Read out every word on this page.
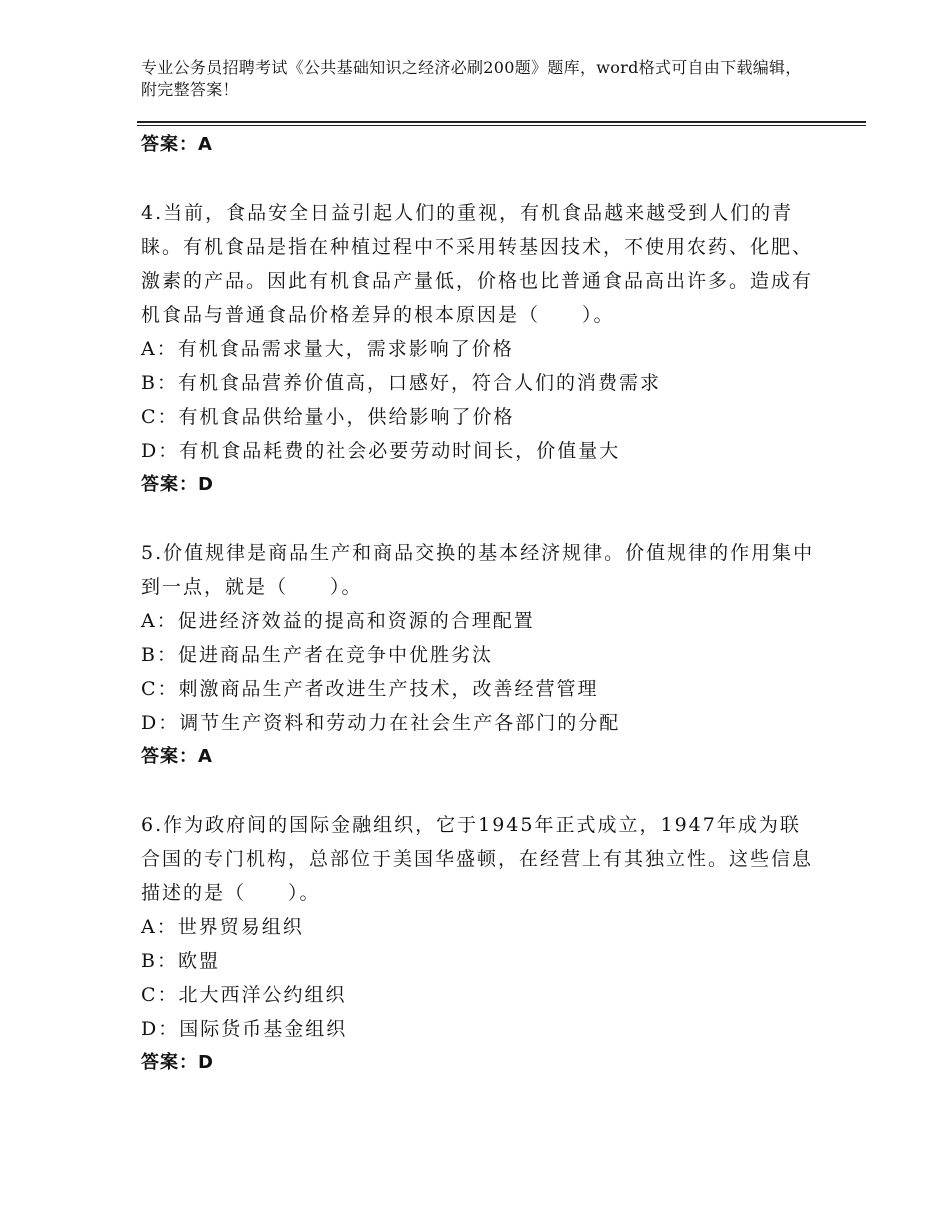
专业公务员招聘考试《公共基础知识之经济必刷200题》题库，word格式可自由下载编辑，附完整答案！
答案：A
4.当前，食品安全日益引起人们的重视，有机食品越来越受到人们的青睐。有机食品是指在种植过程中不采用转基因技术，不使用农药、化肥、激素的产品。因此有机食品产量低，价格也比普通食品高出许多。造成有机食品与普通食品价格差异的根本原因是（　　）。
A：有机食品需求量大，需求影响了价格
B：有机食品营养价值高，口感好，符合人们的消费需求
C：有机食品供给量小，供给影响了价格
D：有机食品耗费的社会必要劳动时间长，价值量大
答案：D
5.价值规律是商品生产和商品交换的基本经济规律。价值规律的作用集中到一点，就是（　　）。
A：促进经济效益的提高和资源的合理配置
B：促进商品生产者在竞争中优胜劣汰
C：刺激商品生产者改进生产技术，改善经营管理
D：调节生产资料和劳动力在社会生产各部门的分配
答案：A
6.作为政府间的国际金融组织，它于1945年正式成立，1947年成为联合国的专门机构，总部位于美国华盛顿，在经营上有其独立性。这些信息描述的是（　　）。
A：世界贸易组织
B：欧盟
C：北大西洋公约组织
D：国际货币基金组织
答案：D
